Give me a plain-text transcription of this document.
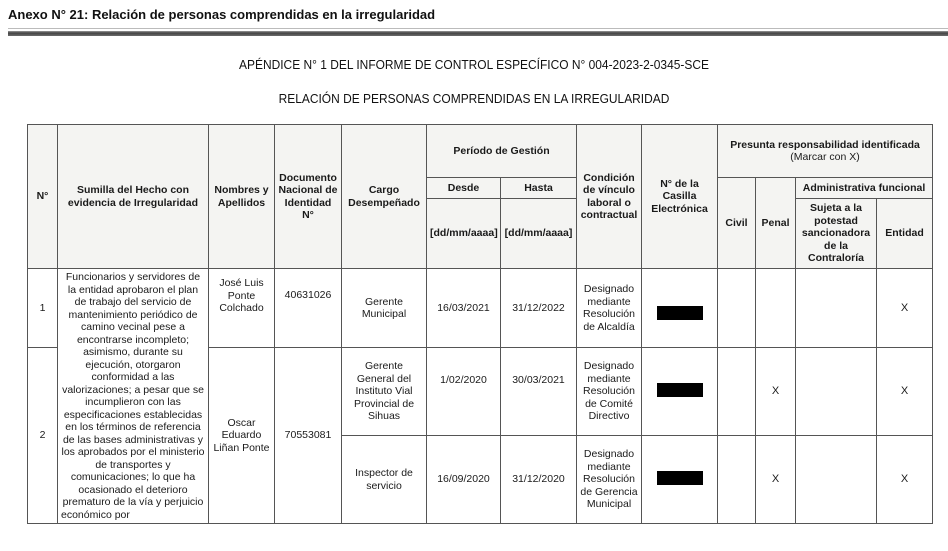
Anexo N° 21: Relación de personas comprendidas en la irregularidad
APÉNDICE N° 1 DEL INFORME DE CONTROL ESPECÍFICO N° 004-2023-2-0345-SCE
RELACIÓN DE PERSONAS COMPRENDIDAS EN LA IRREGULARIDAD
N°	Sumilla del Hecho con evidencia de Irregularidad	Nombres y Apellidos	Documento Nacional de Identidad N°	Cargo Desempeñado	Período de Gestión		Condición de vínculo laboral o contractual	N° de la Casilla Electrónica	Presunta responsabilidad identificada
(Marcar con X)			
					Desde	Hasta			Civil	Penal	Administrativa funcional	
					[dd/mm/aaaa]	[dd/mm/aaaa]					Sujeta a la potestad sancionadora de la Contraloría	Entidad
1	Funcionarios y servidores de la entidad aprobaron el plan de trabajo del servicio de mantenimiento periódico de camino vecinal pese a encontrarse incompleto; asimismo, durante su ejecución, otorgaron conformidad a las valorizaciones; a pesar que se incumplieron con las especificaciones establecidas en los términos de referencia de las bases administrativas y los aprobados por el ministerio de transportes y comunicaciones; lo que ha ocasionado el deterioro prematuro de la vía y perjuicio económico por	José Luis Ponte Colchado	40631026	Gerente Municipal	16/03/2021	31/12/2022	Designado mediante Resolución de Alcaldía					X
2		Oscar Eduardo Liñan Ponte	70553081	Gerente General del Instituto Vial Provincial de Sihuas	1/02/2020	30/03/2021	Designado mediante Resolución de Comité Directivo			X		X
				Inspector de servicio	16/09/2020	31/12/2020	Designado mediante Resolución de Gerencia Municipal			X		X
